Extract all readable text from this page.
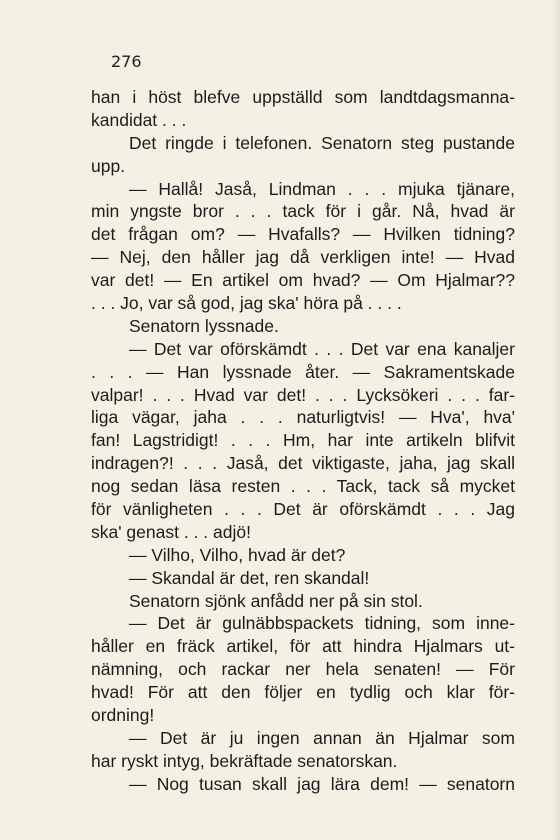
276
han i höst blefve uppställd som landtdagsmanna-
kandidat . . .
Det ringde i telefonen. Senatorn steg pustande
upp.
— Hallå! Jaså, Lindman . . . mjuka tjänare,
min yngste bror . . . tack för i går. Nå, hvad är
det frågan om? — Hvafalls? — Hvilken tidning?
— Nej, den håller jag då verkligen inte! — Hvad
var det! — En artikel om hvad? — Om Hjalmar??
. . . Jo, var så god, jag ska' höra på . . . .
Senatorn lyssnade.
— Det var oförskämdt . . . Det var ena kanaljer
. . . — Han lyssnade åter. — Sakramentskade
valpar! . . . Hvad var det! . . . Lycksökeri . . . far-
liga vägar, jaha . . . naturligtvis! — Hva', hva'
fan! Lagstridigt! . . . Hm, har inte artikeln blifvit
indragen?! . . . Jaså, det viktigaste, jaha, jag skall
nog sedan läsa resten . . . Tack, tack så mycket
för vänligheten . . . Det är oförskämdt . . . Jag
ska' genast . . . adjö!
— Vilho, Vilho, hvad är det?
— Skandal är det, ren skandal!
Senatorn sjönk anfådd ner på sin stol.
— Det är gulnäbbspackets tidning, som inne-
håller en fräck artikel, för att hindra Hjalmars ut-
nämning, och rackar ner hela senaten! — För
hvad! För att den följer en tydlig och klar för-
ordning!
— Det är ju ingen annan än Hjalmar som
har ryskt intyg, bekräftade senatorskan.
— Nog tusan skall jag lära dem! — senatorn
